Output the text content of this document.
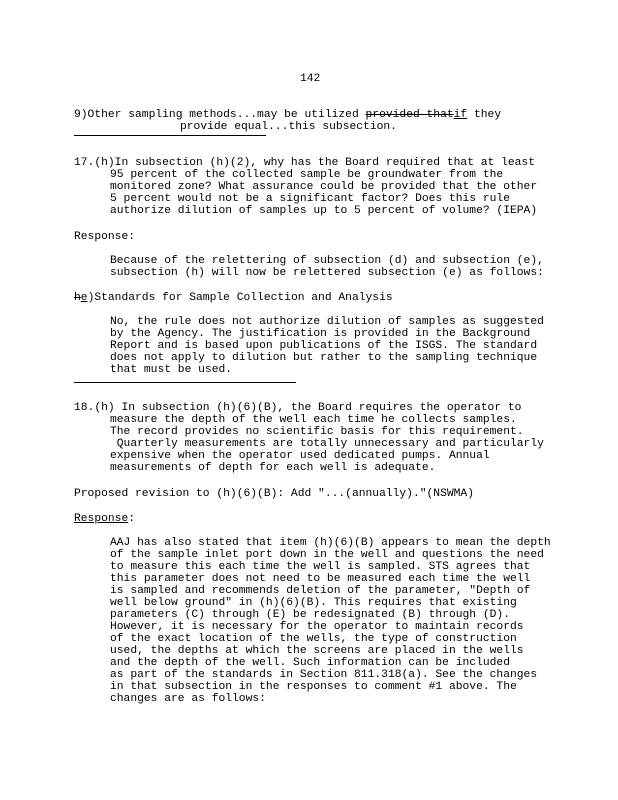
142
9)Other sampling methods...may be utilized provided thatif they
provide equal...this subsection.
17.(h)In subsection (h)(2), why has the Board required that at least
95 percent of the collected sample be groundwater from the
monitored zone? What assurance could be provided that the other
5 percent would not be a significant factor? Does this rule
authorize dilution of samples up to 5 percent of volume? (IEPA)
Response:
Because of the relettering of subsection (d) and subsection (e),
subsection (h) will now be relettered subsection (e) as follows:
he)Standards for Sample Collection and Analysis
No, the rule does not authorize dilution of samples as suggested
by the Agency. The justification is provided in the Background
Report and is based upon publications of the ISGS. The standard
does not apply to dilution but rather to the sampling technique
that must be used.
18.(h) In subsection (h)(6)(B), the Board requires the operator to
measure the depth of the well each time he collects samples.
The record provides no scientific basis for this requirement.
Quarterly measurements are totally unnecessary and particularly
expensive when the operator used dedicated pumps. Annual
measurements of depth for each well is adequate.
Proposed revision to (h)(6)(B): Add "...(annually)."(NSWMA)
Response:
AAJ has also stated that item (h)(6)(B) appears to mean the depth
of the sample inlet port down in the well and questions the need
to measure this each time the well is sampled. STS agrees that
this parameter does not need to be measured each time the well
is sampled and recommends deletion of the parameter, "Depth of
well below ground" in (h)(6)(B). This requires that existing
parameters (C) through (E) be redesignated (B) through (D).
However, it is necessary for the operator to maintain records
of the exact location of the wells, the type of construction
used, the depths at which the screens are placed in the wells
and the depth of the well. Such information can be included
as part of the standards in Section 811.318(a). See the changes
in that subsection in the responses to comment #1 above. The
changes are as follows:
